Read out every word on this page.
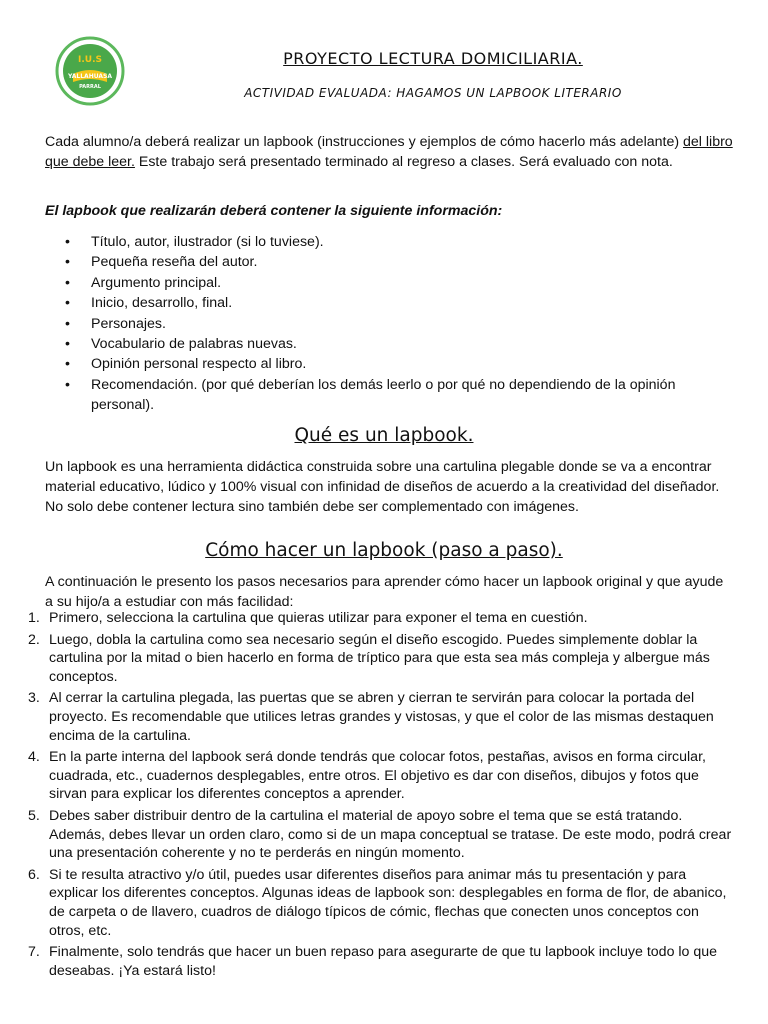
I.U.S
YALLAHUASA
PARRAL
PROYECTO LECTURA DOMICILIARIA.
ACTIVIDAD EVALUADA: HAGAMOS UN LAPBOOK LITERARIO
Cada alumno/a deberá realizar un lapbook (instrucciones y ejemplos de cómo hacerlo más adelante) del libro que debe leer. Este trabajo será presentado terminado al regreso a clases. Será evaluado con nota.
El lapbook que realizarán deberá contener la siguiente información:
• Título, autor, ilustrador (si lo tuviese).
• Pequeña reseña del autor.
• Argumento principal.
• Inicio, desarrollo, final.
• Personajes.
• Vocabulario de palabras nuevas.
• Opinión personal respecto al libro.
• Recomendación. (por qué deberían los demás leerlo o por qué no dependiendo de la opinión personal).
Qué es un lapbook.
Un lapbook es una herramienta didáctica construida sobre una cartulina plegable donde se va a encontrar material educativo, lúdico y 100% visual con infinidad de diseños de acuerdo a la creatividad del diseñador. No solo debe contener lectura sino también debe ser complementado con imágenes.
Cómo hacer un lapbook (paso a paso).
A continuación le presento los pasos necesarios para aprender cómo hacer un lapbook original y que ayude a su hijo/a a estudiar con más facilidad:
1. Primero, selecciona la cartulina que quieras utilizar para exponer el tema en cuestión.
2. Luego, dobla la cartulina como sea necesario según el diseño escogido. Puedes simplemente doblar la cartulina por la mitad o bien hacerlo en forma de tríptico para que esta sea más compleja y albergue más conceptos.
3. Al cerrar la cartulina plegada, las puertas que se abren y cierran te servirán para colocar la portada del proyecto. Es recomendable que utilices letras grandes y vistosas, y que el color de las mismas destaquen encima de la cartulina.
4. En la parte interna del lapbook será donde tendrás que colocar fotos, pestañas, avisos en forma circular, cuadrada, etc., cuadernos desplegables, entre otros. El objetivo es dar con diseños, dibujos y fotos que sirvan para explicar los diferentes conceptos a aprender.
5. Debes saber distribuir dentro de la cartulina el material de apoyo sobre el tema que se está tratando. Además, debes llevar un orden claro, como si de un mapa conceptual se tratase. De este modo, podrá crear una presentación coherente y no te perderás en ningún momento.
6. Si te resulta atractivo y/o útil, puedes usar diferentes diseños para animar más tu presentación y para explicar los diferentes conceptos. Algunas ideas de lapbook son: desplegables en forma de flor, de abanico, de carpeta o de llavero, cuadros de diálogo típicos de cómic, flechas que conecten unos conceptos con otros, etc.
7. Finalmente, solo tendrás que hacer un buen repaso para asegurarte de que tu lapbook incluye todo lo que deseabas. ¡Ya estará listo!
